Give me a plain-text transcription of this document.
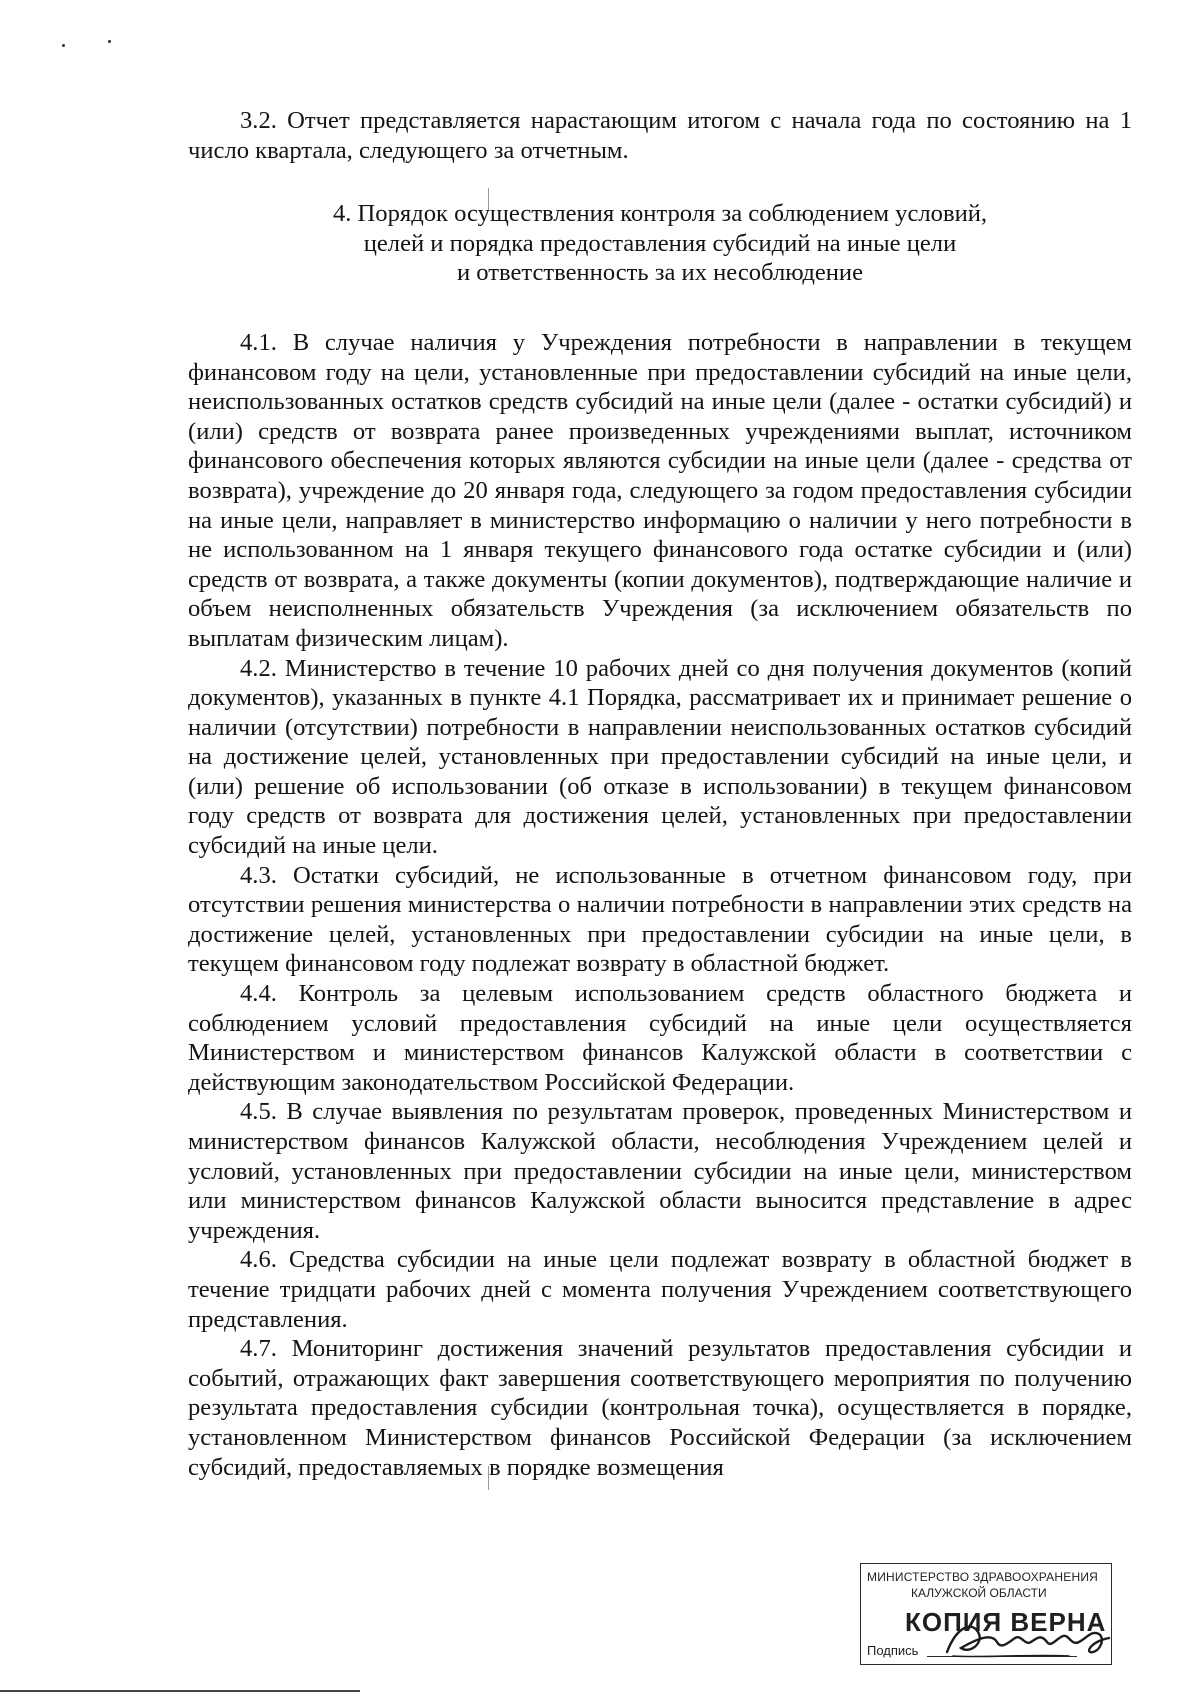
3.2. Отчет представляется нарастающим итогом с начала года по состоянию на 1 число квартала, следующего за отчетным.

4. Порядок осуществления контроля за соблюдением условий,
целей и порядка предоставления субсидий на иные цели
и ответственность за их несоблюдение

4.1. В случае наличия у Учреждения потребности в направлении в текущем финансовом году на цели, установленные при предоставлении субсидий на иные цели, неиспользованных остатков средств субсидий на иные цели (далее - остатки субсидий) и (или) средств от возврата ранее произведенных учреждениями выплат, источником финансового обеспечения которых являются субсидии на иные цели (далее - средства от возврата), учреждение до 20 января года, следующего за годом предоставления субсидии на иные цели, направляет в министерство информацию о наличии у него потребности в не использованном на 1 января текущего финансового года остатке субсидии и (или) средств от возврата, а также документы (копии документов), подтверждающие наличие и объем неисполненных обязательств Учреждения (за исключением обязательств по выплатам физическим лицам).

4.2. Министерство в течение 10 рабочих дней со дня получения документов (копий документов), указанных в пункте 4.1 Порядка, рассматривает их и принимает решение о наличии (отсутствии) потребности в направлении неиспользованных остатков субсидий на достижение целей, установленных при предоставлении субсидий на иные цели, и (или) решение об использовании (об отказе в использовании) в текущем финансовом году средств от возврата для достижения целей, установленных при предоставлении субсидий на иные цели.

4.3. Остатки субсидий, не использованные в отчетном финансовом году, при отсутствии решения министерства о наличии потребности в направлении этих средств на достижение целей, установленных при предоставлении субсидии на иные цели, в текущем финансовом году подлежат возврату в областной бюджет.

4.4. Контроль за целевым использованием средств областного бюджета и соблюдением условий предоставления субсидий на иные цели осуществляется Министерством и министерством финансов Калужской области в соответствии с действующим законодательством Российской Федерации.

4.5. В случае выявления по результатам проверок, проведенных Министерством и министерством финансов Калужской области, несоблюдения Учреждением целей и условий, установленных при предоставлении субсидии на иные цели, министерством или министерством финансов Калужской области выносится представление в адрес учреждения.

4.6. Средства субсидии на иные цели подлежат возврату в областной бюджет в течение тридцати рабочих дней с момента получения Учреждением соответствующего представления.

4.7. Мониторинг достижения значений результатов предоставления субсидии и событий, отражающих факт завершения соответствующего мероприятия по получению результата предоставления субсидии (контрольная точка), осуществляется в порядке, установленном Министерством финансов Российской Федерации (за исключением субсидий, предоставляемых в порядке возмещения

МИНИСТЕРСТВО ЗДРАВООХРАНЕНИЯ
КАЛУЖСКОЙ ОБЛАСТИ
КОПИЯ ВЕРНА
Подпись
